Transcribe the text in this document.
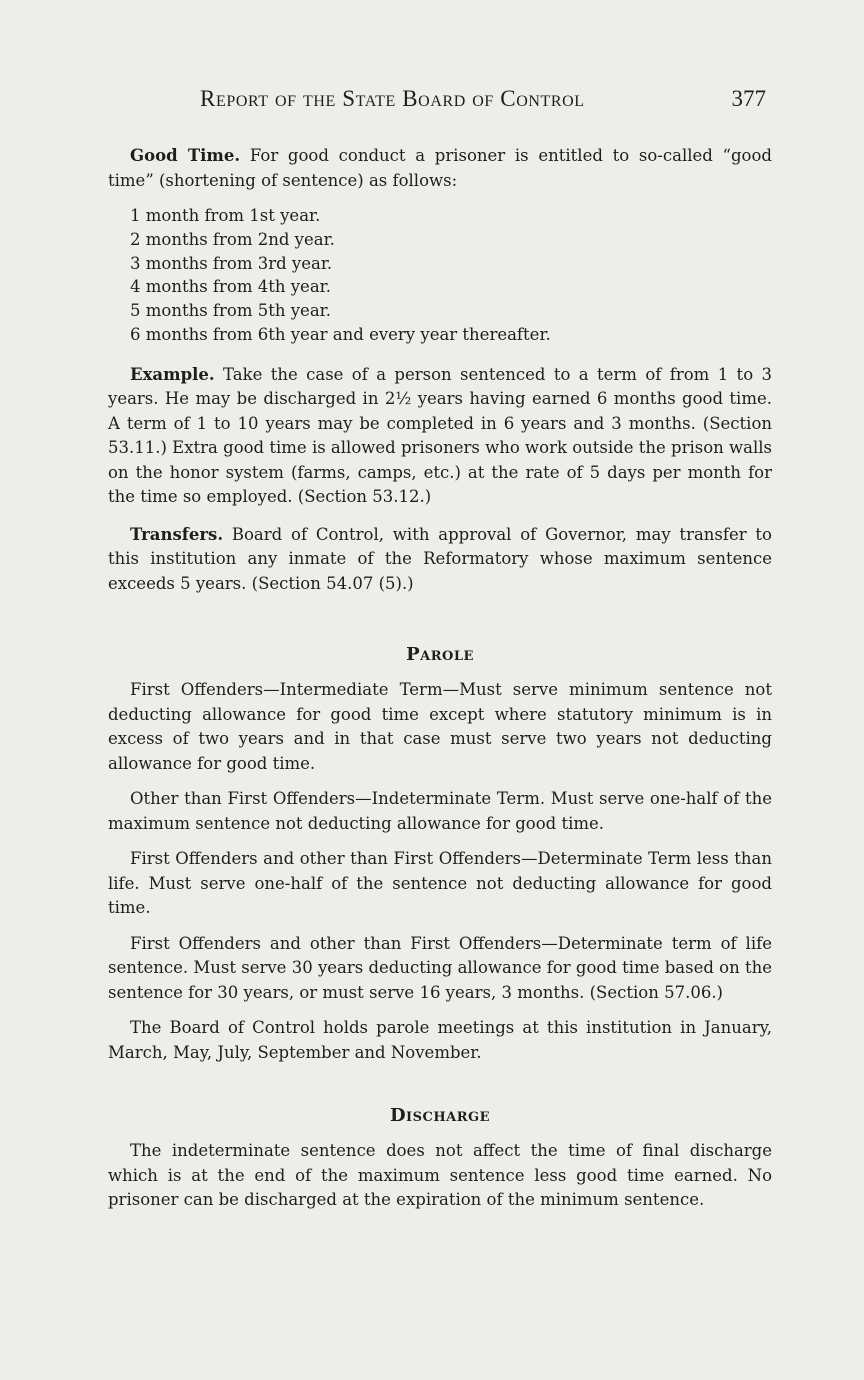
Report of the State Board of Control	377

Good Time. For good conduct a prisoner is entitled to so-called “good time” (shortening of sentence) as follows:

1 month from 1st year.
2 months from 2nd year.
3 months from 3rd year.
4 months from 4th year.
5 months from 5th year.
6 months from 6th year and every year thereafter.

Example. Take the case of a person sentenced to a term of from 1 to 3 years. He may be discharged in 2½ years having earned 6 months good time. A term of 1 to 10 years may be completed in 6 years and 3 months. (Section 53.11.) Extra good time is allowed prisoners who work outside the prison walls on the honor system (farms, camps, etc.) at the rate of 5 days per month for the time so employed. (Section 53.12.)

Transfers. Board of Control, with approval of Governor, may transfer to this institution any inmate of the Reformatory whose maximum sentence exceeds 5 years. (Section 54.07 (5).)

Parole

First Offenders—Intermediate Term—Must serve minimum sentence not deducting allowance for good time except where statutory minimum is in excess of two years and in that case must serve two years not deducting allowance for good time.

Other than First Offenders—Indeterminate Term. Must serve one-half of the maximum sentence not deducting allowance for good time.

First Offenders and other than First Offenders—Determinate Term less than life. Must serve one-half of the sentence not deducting allowance for good time.

First Offenders and other than First Offenders—Determinate term of life sentence. Must serve 30 years deducting allowance for good time based on the sentence for 30 years, or must serve 16 years, 3 months. (Section 57.06.)

The Board of Control holds parole meetings at this institution in January, March, May, July, September and November.

Discharge

The indeterminate sentence does not affect the time of final discharge which is at the end of the maximum sentence less good time earned. No prisoner can be discharged at the expiration of the minimum sentence.
